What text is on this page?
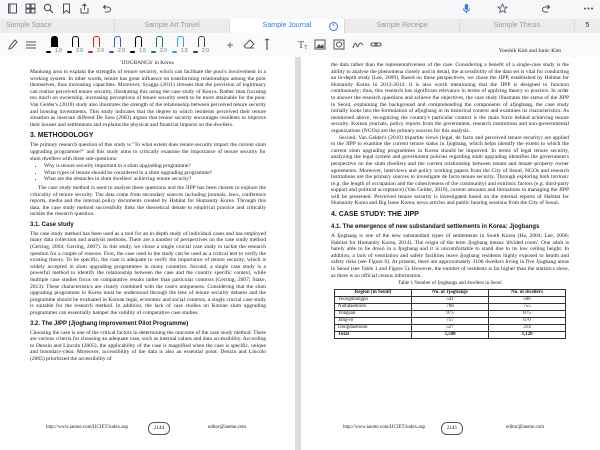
Sample Space	Sample Art Travel	Sample Journal	×	Sample Receipe	Sample Thesis	5
1.0	2.0	2.0	2.0	1.5	2.0	1.5	2.0 +	T T
'JJOGBANGS' in Korea

Mankong area to explain the strengths of tenure security, which can facilitate the poor's involvement in a working system. In other words, tenure has great influence on transforming relationships among the poor themselves, thus increasing capacities. Moreover, Syagga (2011) stresses that the provision of legitimacy can realize perceived tenure security, illustrating this using the case study of Kenya. Rather than focusing too much on ownership, increasing perceptions of tenure security seem to be more attainable for the poor. Van Gelder's (2010) study also illustrates the strength of the relationship between perceived tenure security and housing investments. This study indicates that the degree to which residents perceived their tenure situation as insecure differed De Soto (2003) argues that tenure security encourages residents to improve their houses and settlements and explains the physical and financial impacts on the dwellers.

3. METHODOLOGY

The primary research question of this study is "To what extent does tenure security impact the current slum upgrading programme?" and this study aims to critically examine the importance of tenure security for slum dwellers with three sub-questions:

• Why is tenure security important in a slum upgrading programme?
• What types of tenure should be considered in a slum upgrading programme?
• What are the obstacles in slum dwellers' achieving tenure security?

The case study method is used to analyse these questions and the JIPP has been chosen to explore the criticality of tenure security. The data come from secondary sources including journals, laws, conference reports, media and the internal policy documents created by Habitat for Humanity Korea. Through this data, the case study method successfully links the theoretical debate to empirical practice and critically tackles the research question.

3.1. Case study

The case study method has been used as a tool for an in-depth study of individual cases and has employed many data collection and analysis methods. There are a number of perspectives on the case study method (Gerring, 2004; Gerring, 2007). In this study, we chose a single crucial case study to tackle the research question for a couple of reasons. First, the case used in the study can be used as a critical test to verify the existing theory. To be specific, the case is adequate to verify the importance of tenure security, which is widely accepted in slum upgrading programmes in many countries. Second, a single case study is a powerful method to identify the relationship between the case and the country specific context, while multiple case studies focus on comparative results rather than particular contexts (Gerring, 2007; Stake, 2013). These characteristics are clearly combined with the case's uniqueness. Considering that the slum upgrading programme in Korea must be understood through the lens of tenure security debates and the programme should be evaluated in Korean legal, economic and social contexts, a single crucial case study is suitable for the research method. In addition, the lack of case studies on Korean slum upgrading programmes can essentially hamper the validity of comparative case studies.

3.2. The JIPP (Jjogbang Improvement Pilot Programme)

Choosing the case is one of the critical factors in determining the outcome of the case study method. There are various criteria for choosing an adequate case, such as internal values and data accessibility. According to Denzin and Lincoln (2005), the applicability of the case is magnified when the case is specific, unique and boundary-clear. Moreover, accessibility of the data is also an essential point. Denzin and Lincoln (2005) prioritized the accessibility of

http://www.iaeme.com/IJCIET/index.asp	2144	editor@iaeme.com
Yoeshik Kim and Junic Kim

the data rather than the representativeness of the case. Considering a benefit of a single-case study is the ability to analyse the phenomena closely and in detail, the accessibility of the data set is vital for conducting an in-depth study (Lee, 2009). Based on these perspectives, we chose the JIPP, established by Habitat for Humanity Korea in 2013-2014. It is also worth mentioning that the JIPP is designed to function continuously; thus, this research has significant relevance in terms of applying theory to practice. In order to answer the research questions and achieve the objectives, the case study illustrates the status of the JIPP in Seoul, explaining the background and comprehending the components of afjogbang, the case study initially looks into the formulation of afjogbang in its historical context and examines its characteristics. As mentioned above, recognizing the country's particular context is the main force behind achieving tenure security. Korean journals, policy reports from the government, research institutions and non-governmental organizations (NGOs) are the primary sources for this analysis.

Second, Van Gelder's (2010) tripartite views (legal, de facto and perceived tenure security) are applied to the JIPP to examine the current tenure status in Jjogbang, which helps identify the extent to which the current slum upgrading programmes in Korea should be improved. In terms of legal tenure security, analyzing the legal system and government policies regarding slum upgrading identifies the government's perspective on the slum dwellers and the current relationship between tenant and tenant–property owner agreements. Moreover, interviews and policy working papers from the City of Seoul, NGOs and research institutions are the primary sources to investigate de facto tenure security. Through exploring both intrinsic (e.g. the length of occupation and the cohesiveness of the community) and extrinsic factors (e.g. third-party support and political acceptance) (Van Gelder, 2010), current amounts and limitations in managing the JIPP will be presented. Perceived tenure security is investigated based on the internal reports of Habitat for Humanity Korea and Big Issue Korea, news articles and public hearing sessions from the City of Seoul.

4. CASE STUDY: THE JIPP
4.1. The emergence of new substandard settlements in Korea: Jjogbangs

A Jjogbang is one of the new substandard types of settlements in South Korea (Ha, 2004; Lee, 2006; Habitat for Humanity Korea, 2014). The origin of the term Jjogbang means 'divided room'. One adult is barely able to lie down in a Jjogbang and it is uncomfortable to stand due to its low ceiling height. In addition, a lack of ventilation and safety facilities leave Jjogbang residents highly exposed to health and safety risks (see Figure 6). At present, there are approximately 3100 dwellers living in five Jjogbang areas in Seoul (see Table 1 and Figure 5). However, the number of residents is far higher than the statistics show, as there is no official census information.

Table 1 Number of Jjogbangs and dwellers in Seoul
Region (in Seoul)	No. of Jjogbangs	No. of dwellers
Yeongdeungpo	541	506
Namdaemoon	708	755
Yongsan	975	875
Jong-ro	757	670
Dongdaemoon	527	314
Total	3,508	3,120
http://www.iaeme.com/IJCIET/index.asp	2145	editor@iaeme.com
